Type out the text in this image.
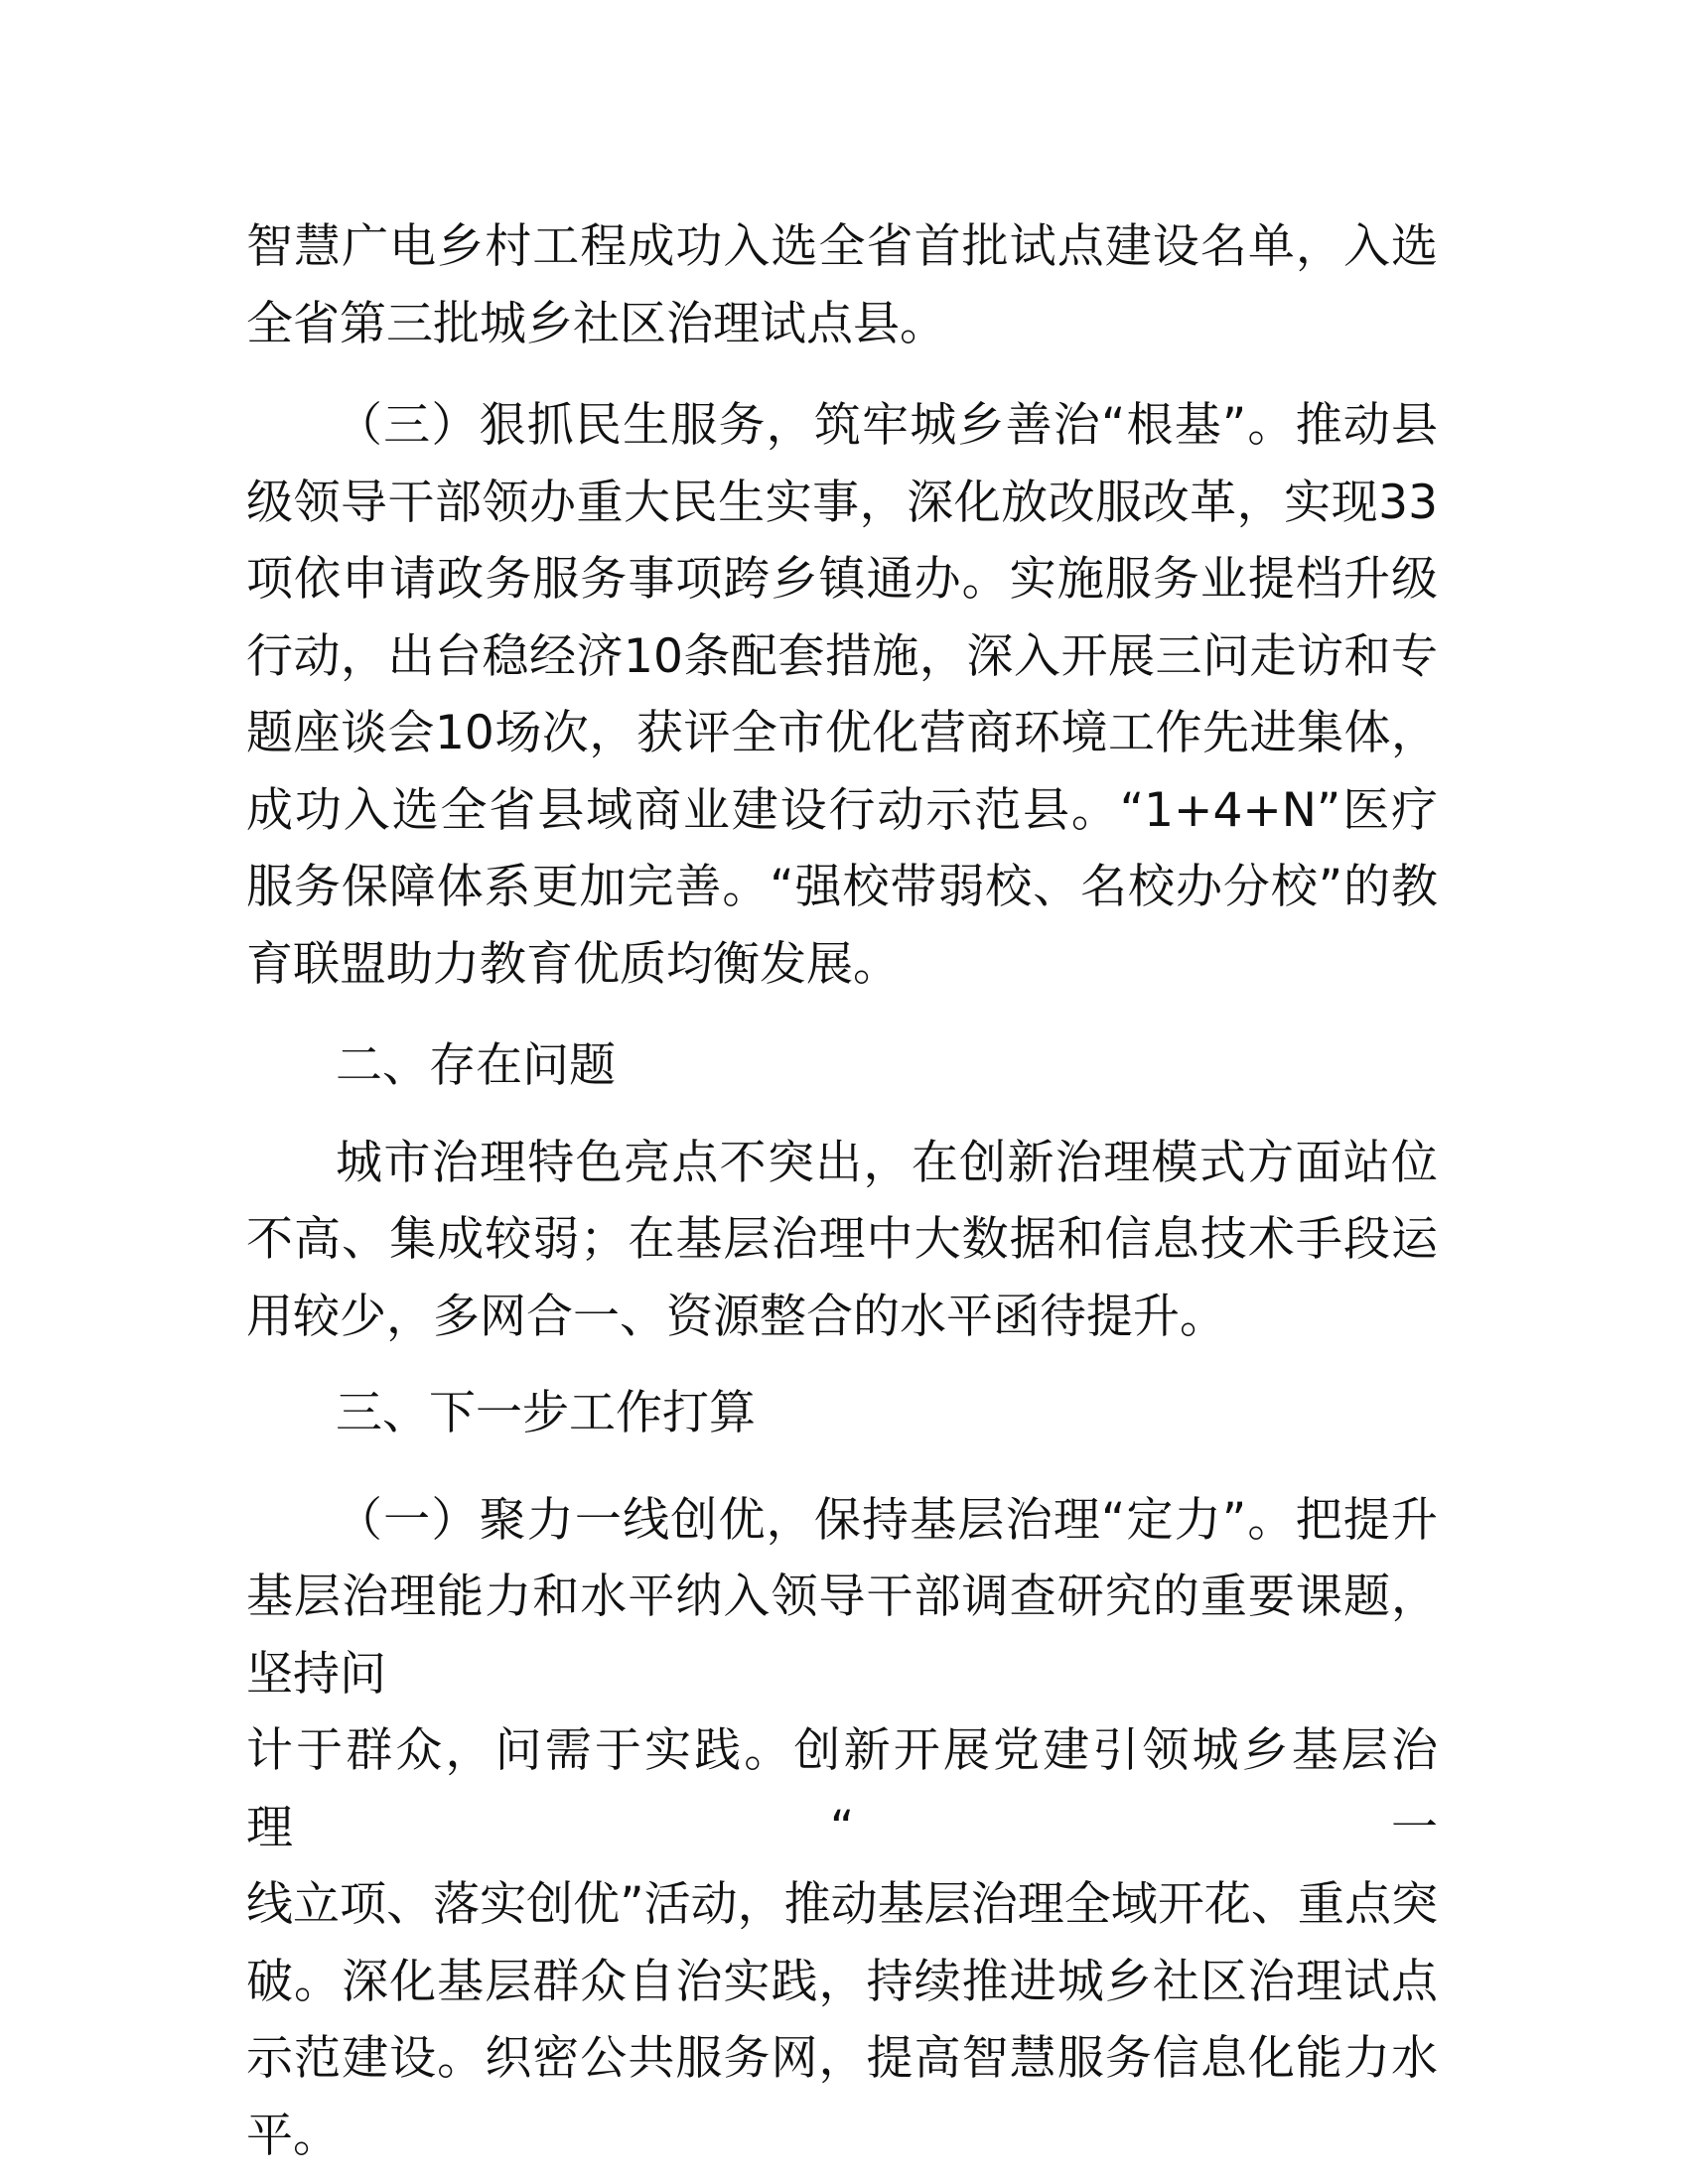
智慧广电乡村工程成功入选全省首批试点建设名单，入选全省第三批城乡社区治理试点县。

（三）狠抓民生服务，筑牢城乡善治“根基”。推动县级领导干部领办重大民生实事，深化放改服改革，实现33项依申请政务服务事项跨乡镇通办。实施服务业提档升级行动，出台稳经济10条配套措施，深入开展三问走访和专题座谈会10场次，获评全市优化营商环境工作先进集体，成功入选全省县域商业建设行动示范县。“1+4+N”医疗服务保障体系更加完善。“强校带弱校、名校办分校”的教育联盟助力教育优质均衡发展。

二、存在问题

城市治理特色亮点不突出，在创新治理模式方面站位不高、集成较弱；在基层治理中大数据和信息技术手段运用较少，多网合一、资源整合的水平函待提升。

三、下一步工作打算

（一）聚力一线创优，保持基层治理“定力”。把提升基层治理能力和水平纳入领导干部调查研究的重要课题，坚持问

计于群众，问需于实践。创新开展党建引领城乡基层治理“一

线立项、落实创优”活动，推动基层治理全域开花、重点突破。深化基层群众自治实践，持续推进城乡社区治理试点示范建设。织密公共服务网，提高智慧服务信息化能力水平。
